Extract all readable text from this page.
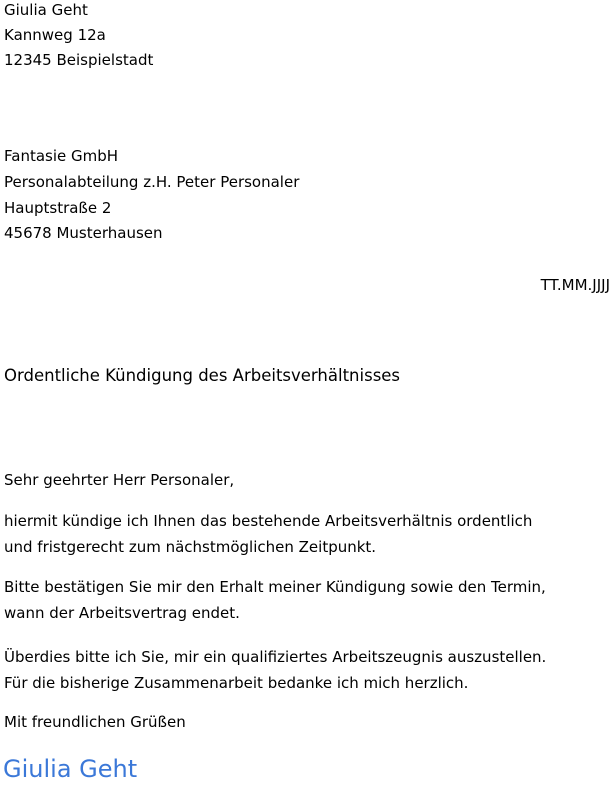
Giulia Geht

Kannweg 12a

12345 Beispielstadt

Fantasie GmbH

Personalabteilung z.H. Peter Personaler

Hauptstraße 2

45678 Musterhausen

TT.MM.JJJJ

Ordentliche Kündigung des Arbeitsverhältnisses

Sehr geehrter Herr Personaler,

hiermit kündige ich Ihnen das bestehende Arbeitsverhältnis ordentlich und fristgerecht zum nächstmöglichen Zeitpunkt.

Bitte bestätigen Sie mir den Erhalt meiner Kündigung sowie den Termin, wann der Arbeitsvertrag endet.

Überdies bitte ich Sie, mir ein qualifiziertes Arbeitszeugnis auszustellen. Für die bisherige Zusammenarbeit bedanke ich mich herzlich.

Mit freundlichen Grüßen

Giulia Geht
